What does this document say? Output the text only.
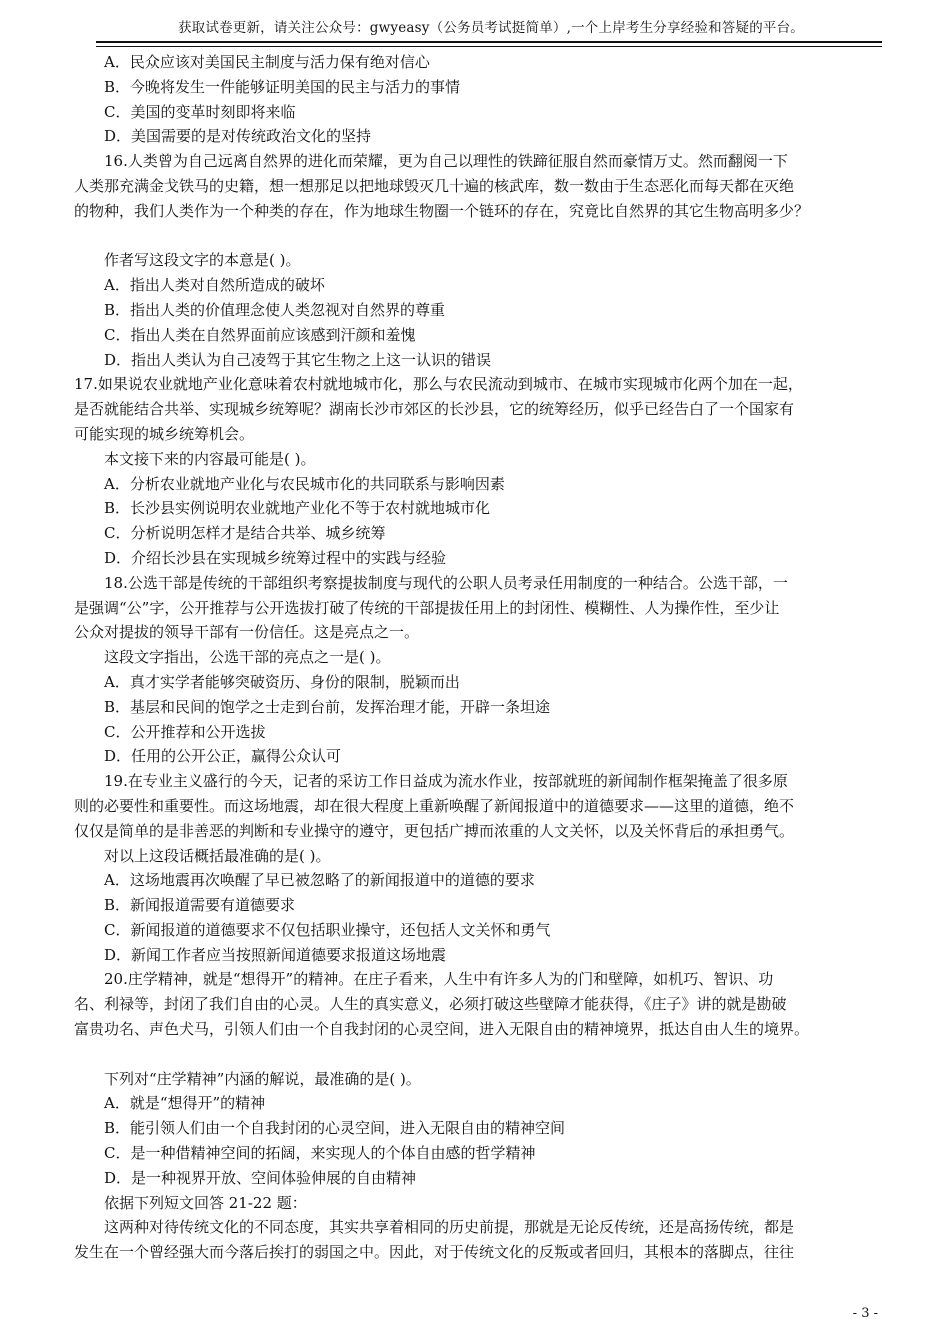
获取试卷更新，请关注公众号：gwyeasy（公务员考试挺简单）,一个上岸考生分享经验和答疑的平台。

A．民众应该对美国民主制度与活力保有绝对信心

B．今晚将发生一件能够证明美国的民主与活力的事情

C．美国的变革时刻即将来临

D．美国需要的是对传统政治文化的坚持

16.人类曾为自己远离自然界的进化而荣耀，更为自己以理性的铁蹄征服自然而豪情万丈。然而翻阅一下

人类那充满金戈铁马的史籍，想一想那足以把地球毁灭几十遍的核武库，数一数由于生态恶化而每天都在灭绝

的物种，我们人类作为一个种类的存在，作为地球生物圈一个链环的存在，究竟比自然界的其它生物高明多少？

作者写这段文字的本意是( )。

A．指出人类对自然所造成的破坏

B．指出人类的价值理念使人类忽视对自然界的尊重

C．指出人类在自然界面前应该感到汗颜和羞愧

D．指出人类认为自己凌驾于其它生物之上这一认识的错误

17.如果说农业就地产业化意味着农村就地城市化，那么与农民流动到城市、在城市实现城市化两个加在一起，

是否就能结合共举、实现城乡统筹呢？湖南长沙市郊区的长沙县，它的统筹经历，似乎已经告白了一个国家有

可能实现的城乡统筹机会。

本文接下来的内容最可能是( )。

A．分析农业就地产业化与农民城市化的共同联系与影响因素

B．长沙县实例说明农业就地产业化不等于农村就地城市化

C．分析说明怎样才是结合共举、城乡统筹

D．介绍长沙县在实现城乡统筹过程中的实践与经验

18.公选干部是传统的干部组织考察提拔制度与现代的公职人员考录任用制度的一种结合。公选干部，一

是强调“公”字，公开推荐与公开选拔打破了传统的干部提拔任用上的封闭性、模糊性、人为操作性，至少让

公众对提拔的领导干部有一份信任。这是亮点之一。

这段文字指出，公选干部的亮点之一是( )。

A．真才实学者能够突破资历、身份的限制，脱颖而出

B．基层和民间的饱学之士走到台前，发挥治理才能，开辟一条坦途

C．公开推荐和公开选拔

D．任用的公开公正，赢得公众认可

19.在专业主义盛行的今天，记者的采访工作日益成为流水作业，按部就班的新闻制作框架掩盖了很多原

则的必要性和重要性。而这场地震，却在很大程度上重新唤醒了新闻报道中的道德要求——这里的道德，绝不

仅仅是简单的是非善恶的判断和专业操守的遵守，更包括广搏而浓重的人文关怀，以及关怀背后的承担勇气。

对以上这段话概括最准确的是( )。

A．这场地震再次唤醒了早已被忽略了的新闻报道中的道德的要求

B．新闻报道需要有道德要求

C．新闻报道的道德要求不仅包括职业操守，还包括人文关怀和勇气

D．新闻工作者应当按照新闻道德要求报道这场地震

20.庄学精神，就是“想得开”的精神。在庄子看来，人生中有许多人为的门和壁障，如机巧、智识、功

名、利禄等，封闭了我们自由的心灵。人生的真实意义，必须打破这些壁障才能获得，《庄子》讲的就是勘破

富贵功名、声色犬马，引领人们由一个自我封闭的心灵空间，进入无限自由的精神境界，抵达自由人生的境界。

下列对“庄学精神”内涵的解说，最准确的是( )。

A．就是“想得开”的精神

B．能引领人们由一个自我封闭的心灵空间，进入无限自由的精神空间

C．是一种借精神空间的拓阔，来实现人的个体自由感的哲学精神

D．是一种视界开放、空间体验伸展的自由精神

依据下列短文回答 21-22 题：

这两种对待传统文化的不同态度，其实共享着相同的历史前提，那就是无论反传统，还是高扬传统，都是

发生在一个曾经强大而今落后挨打的弱国之中。因此，对于传统文化的反叛或者回归，其根本的落脚点，往往

- 3 -
